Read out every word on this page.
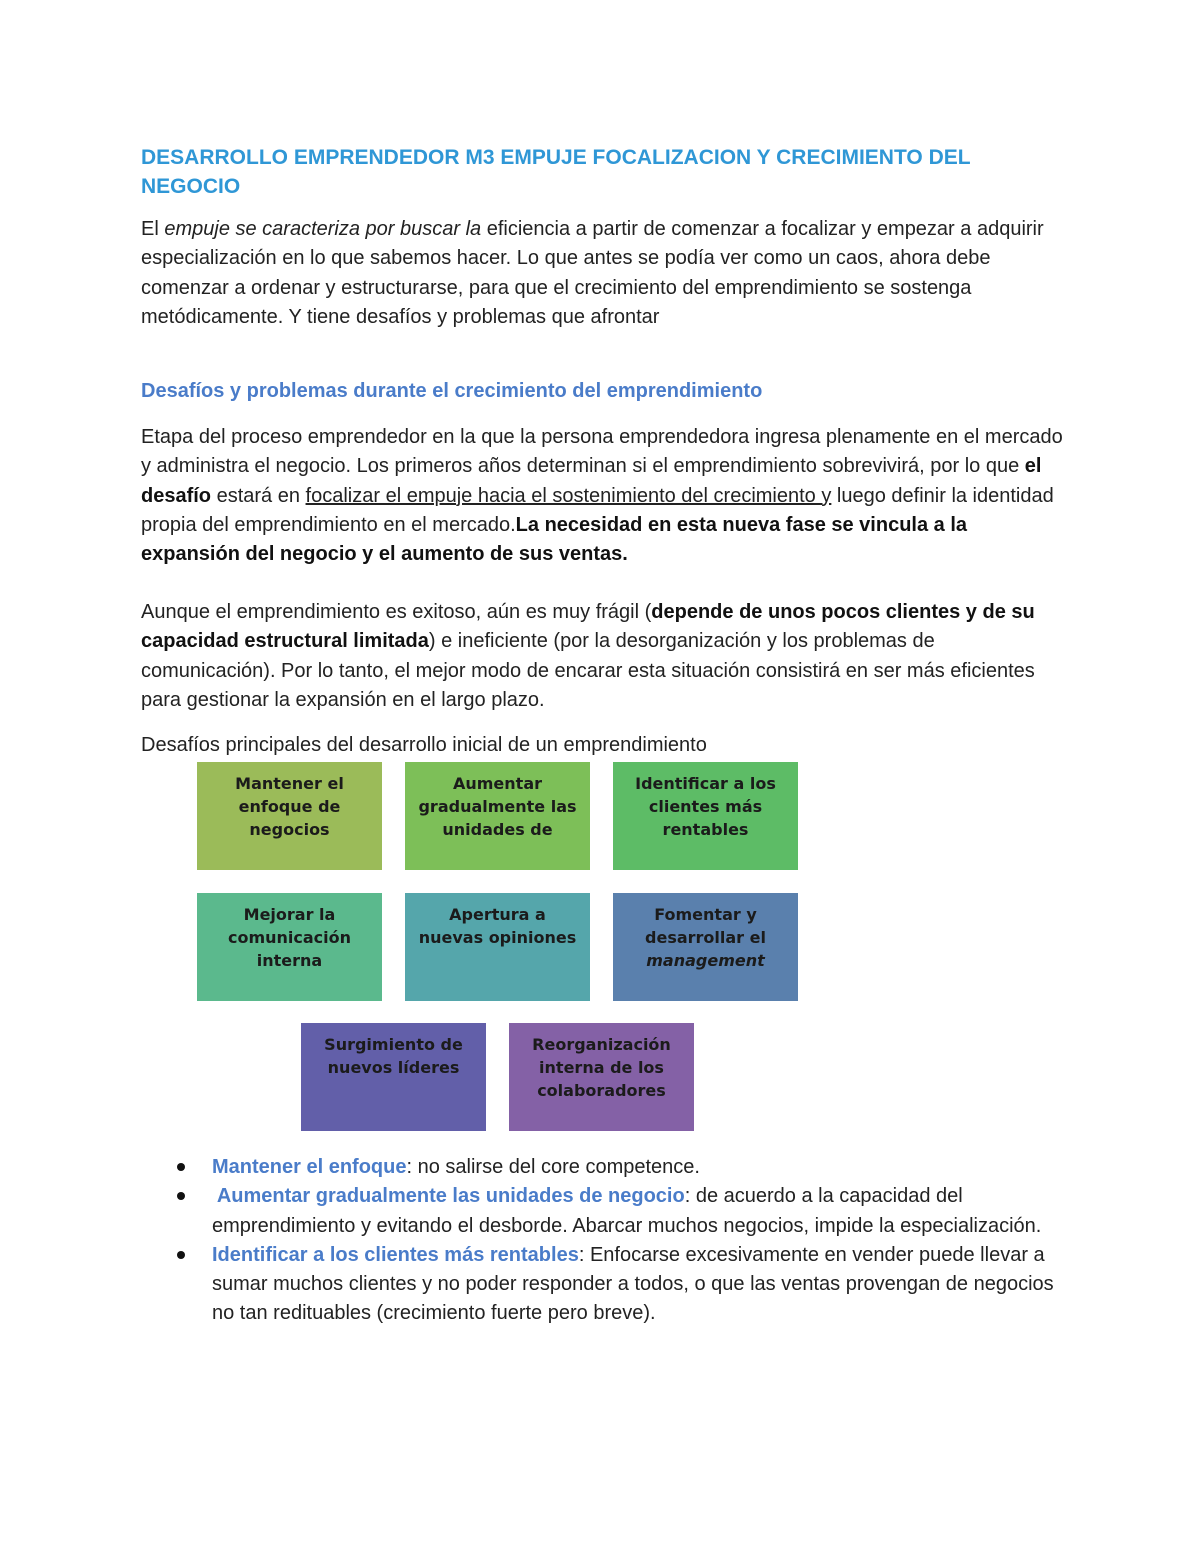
DESARROLLO EMPRENDEDOR M3 EMPUJE FOCALIZACION Y CRECIMIENTO DEL NEGOCIO

El empuje se caracteriza por buscar la eficiencia a partir de comenzar a focalizar y empezar a adquirir especialización en lo que sabemos hacer. Lo que antes se podía ver como un caos, ahora debe comenzar a ordenar y estructurarse, para que el crecimiento del emprendimiento se sostenga metódicamente. Y tiene desafíos y problemas que afrontar

Desafíos y problemas durante el crecimiento del emprendimiento

Etapa del proceso emprendedor en la que la persona emprendedora ingresa plenamente en el mercado y administra el negocio. Los primeros años determinan si el emprendimiento sobrevivirá, por lo que el desafío estará en focalizar el empuje hacia el sostenimiento del crecimiento y luego definir la identidad propia del emprendimiento en el mercado.La necesidad en esta nueva fase se vincula a la expansión del negocio y el aumento de sus ventas.

Aunque el emprendimiento es exitoso, aún es muy frágil (depende de unos pocos clientes y de su capacidad estructural limitada) e ineficiente (por la desorganización y los problemas de comunicación). Por lo tanto, el mejor modo de encarar esta situación consistirá en ser más eficientes para gestionar la expansión en el largo plazo.

Desafíos principales del desarrollo inicial de un emprendimiento

Mantener el enfoque de negocios
Aumentar gradualmente las unidades de
Identificar a los clientes más rentables
Mejorar la comunicación interna
Apertura a nuevas opiniones
Fomentar y desarrollar el management
Surgimiento de nuevos líderes
Reorganización interna de los colaboradores
Mantener el enfoque: no salirse del core competence.
Aumentar gradualmente las unidades de negocio: de acuerdo a la capacidad del emprendimiento y evitando el desborde. Abarcar muchos negocios, impide la especialización.
Identificar a los clientes más rentables: Enfocarse excesivamente en vender puede llevar a sumar muchos clientes y no poder responder a todos, o que las ventas provengan de negocios no tan redituables (crecimiento fuerte pero breve).
